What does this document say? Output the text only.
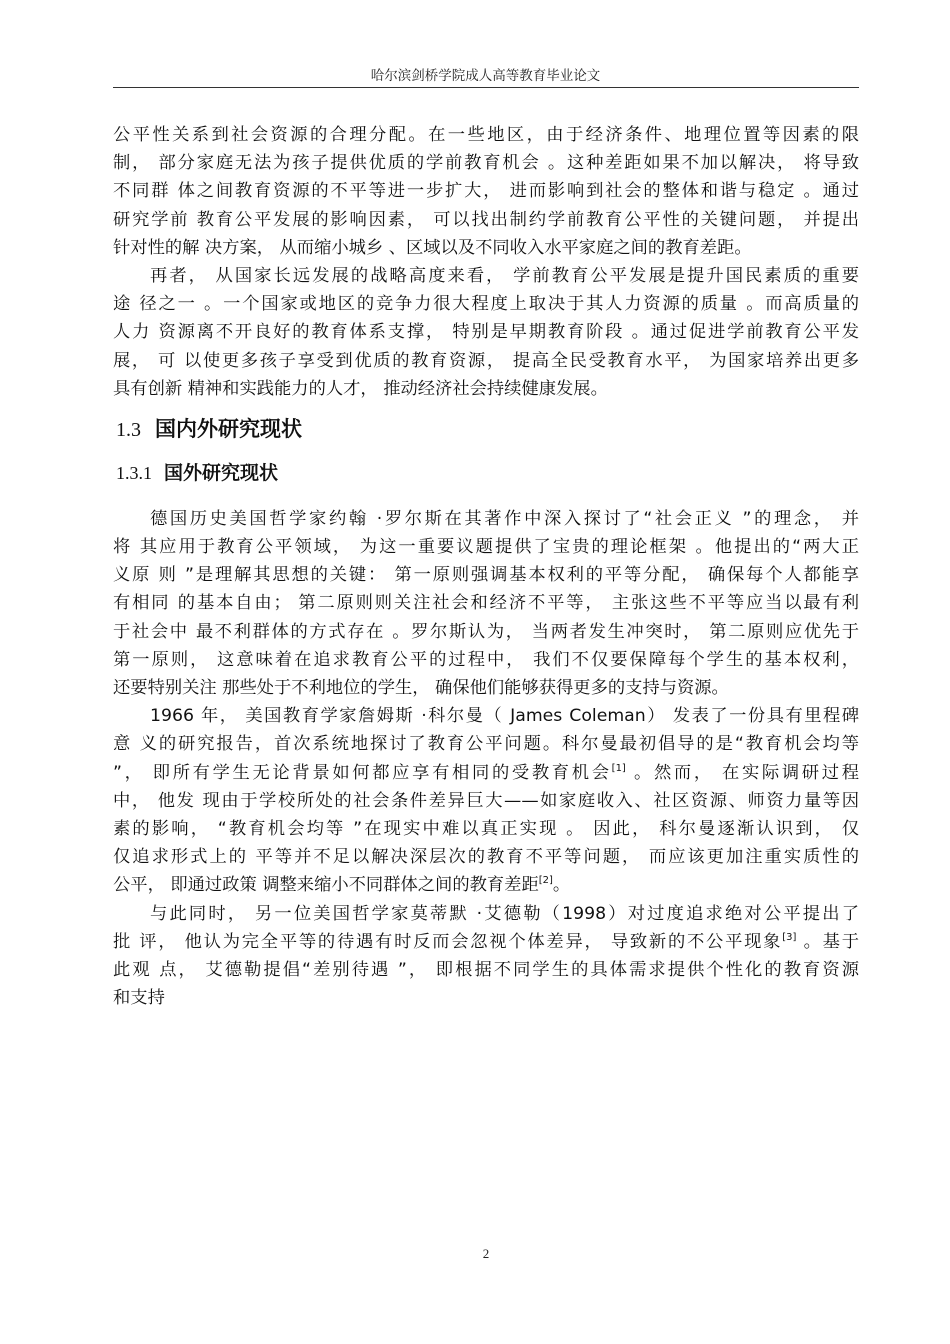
哈尔滨剑桥学院成人高等教育毕业论文
公平性关系到社会资源的合理分配。在一些地区，由于经济条件、地理位置等因素的限
制， 部分家庭无法为孩子提供优质的学前教育机会 。这种差距如果不加以解决， 将导致
不同群 体之间教育资源的不平等进一步扩大， 进而影响到社会的整体和谐与稳定 。通过
研究学前 教育公平发展的影响因素， 可以找出制约学前教育公平性的关键问题， 并提出
针对性的解 决方案， 从而缩小城乡 、区域以及不同收入水平家庭之间的教育差距。
再者， 从国家长远发展的战略高度来看， 学前教育公平发展是提升国民素质的重要
途 径之一 。一个国家或地区的竞争力很大程度上取决于其人力资源的质量 。而高质量的
人力 资源离不开良好的教育体系支撑， 特别是早期教育阶段 。通过促进学前教育公平发
展， 可 以使更多孩子享受到优质的教育资源， 提高全民受教育水平， 为国家培养出更多
具有创新 精神和实践能力的人才， 推动经济社会持续健康发展。
1.3 国内外研究现状
1.3.1 国外研究现状
德国历史美国哲学家约翰 ·罗尔斯在其著作中深入探讨了“社会正义 ”的理念， 并
将 其应用于教育公平领域， 为这一重要议题提供了宝贵的理论框架 。他提出的“两大正
义原 则 ”是理解其思想的关键： 第一原则强调基本权利的平等分配， 确保每个人都能享
有相同 的基本自由； 第二原则则关注社会和经济不平等， 主张这些不平等应当以最有利
于社会中 最不利群体的方式存在 。罗尔斯认为， 当两者发生冲突时， 第二原则应优先于
第一原则， 这意味着在追求教育公平的过程中， 我们不仅要保障每个学生的基本权利，
还要特别关注 那些处于不利地位的学生， 确保他们能够获得更多的支持与资源。
1966 年， 美国教育学家詹姆斯 ·科尔曼（ James Coleman） 发表了一份具有里程碑
意 义的研究报告，首次系统地探讨了教育公平问题。科尔曼最初倡导的是“教育机会均等
”， 即所有学生无论背景如何都应享有相同的受教育机会[1] 。然而， 在实际调研过程
中， 他发 现由于学校所处的社会条件差异巨大——如家庭收入、社区资源、师资力量等因
素的影响， “教育机会均等 ”在现实中难以真正实现 。 因此， 科尔曼逐渐认识到， 仅
仅追求形式上的 平等并不足以解决深层次的教育不平等问题， 而应该更加注重实质性的
公平， 即通过政策 调整来缩小不同群体之间的教育差距[2]。
与此同时， 另一位美国哲学家莫蒂默 ·艾德勒（1998）对过度追求绝对公平提出了
批 评， 他认为完全平等的待遇有时反而会忽视个体差异， 导致新的不公平现象[3] 。基于
此观 点， 艾德勒提倡“差别待遇 ”， 即根据不同学生的具体需求提供个性化的教育资源
和支持
2
